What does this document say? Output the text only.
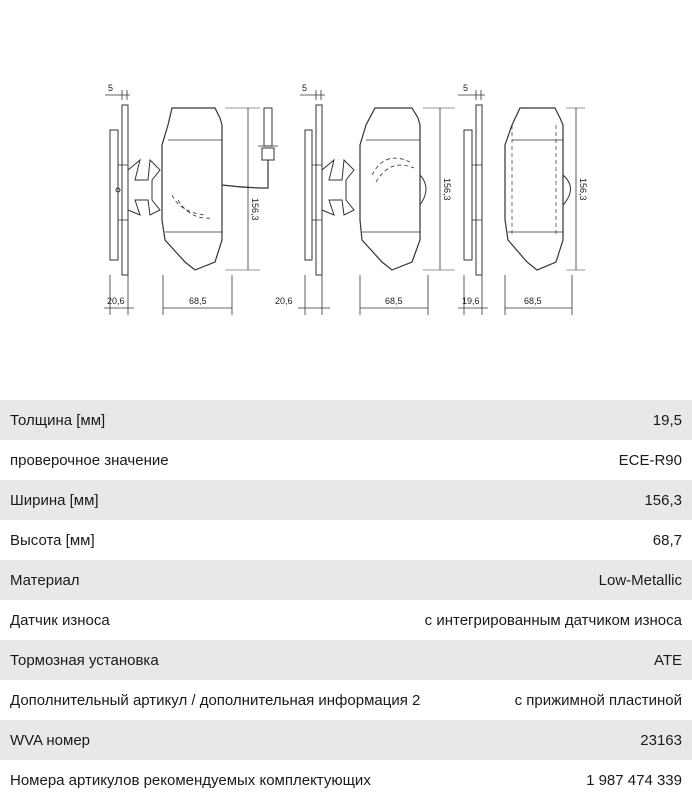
5
20,6
156,3
68,5
5
20,6
156,3
68,5
5
19,6
156,3
68,5
Толщина [мм]	19,5
проверочное значение	ECE-R90
Ширина [мм]	156,3
Высота [мм]	68,7
Материал	Low-Metallic
Датчик износа	с интегрированным датчиком износа
Тормозная установка	ATE
Дополнительный артикул / дополнительная информация 2	с прижимной пластиной
WVA номер	23163
Номера артикулов рекомендуемых комплектующих	1 987 474 339
